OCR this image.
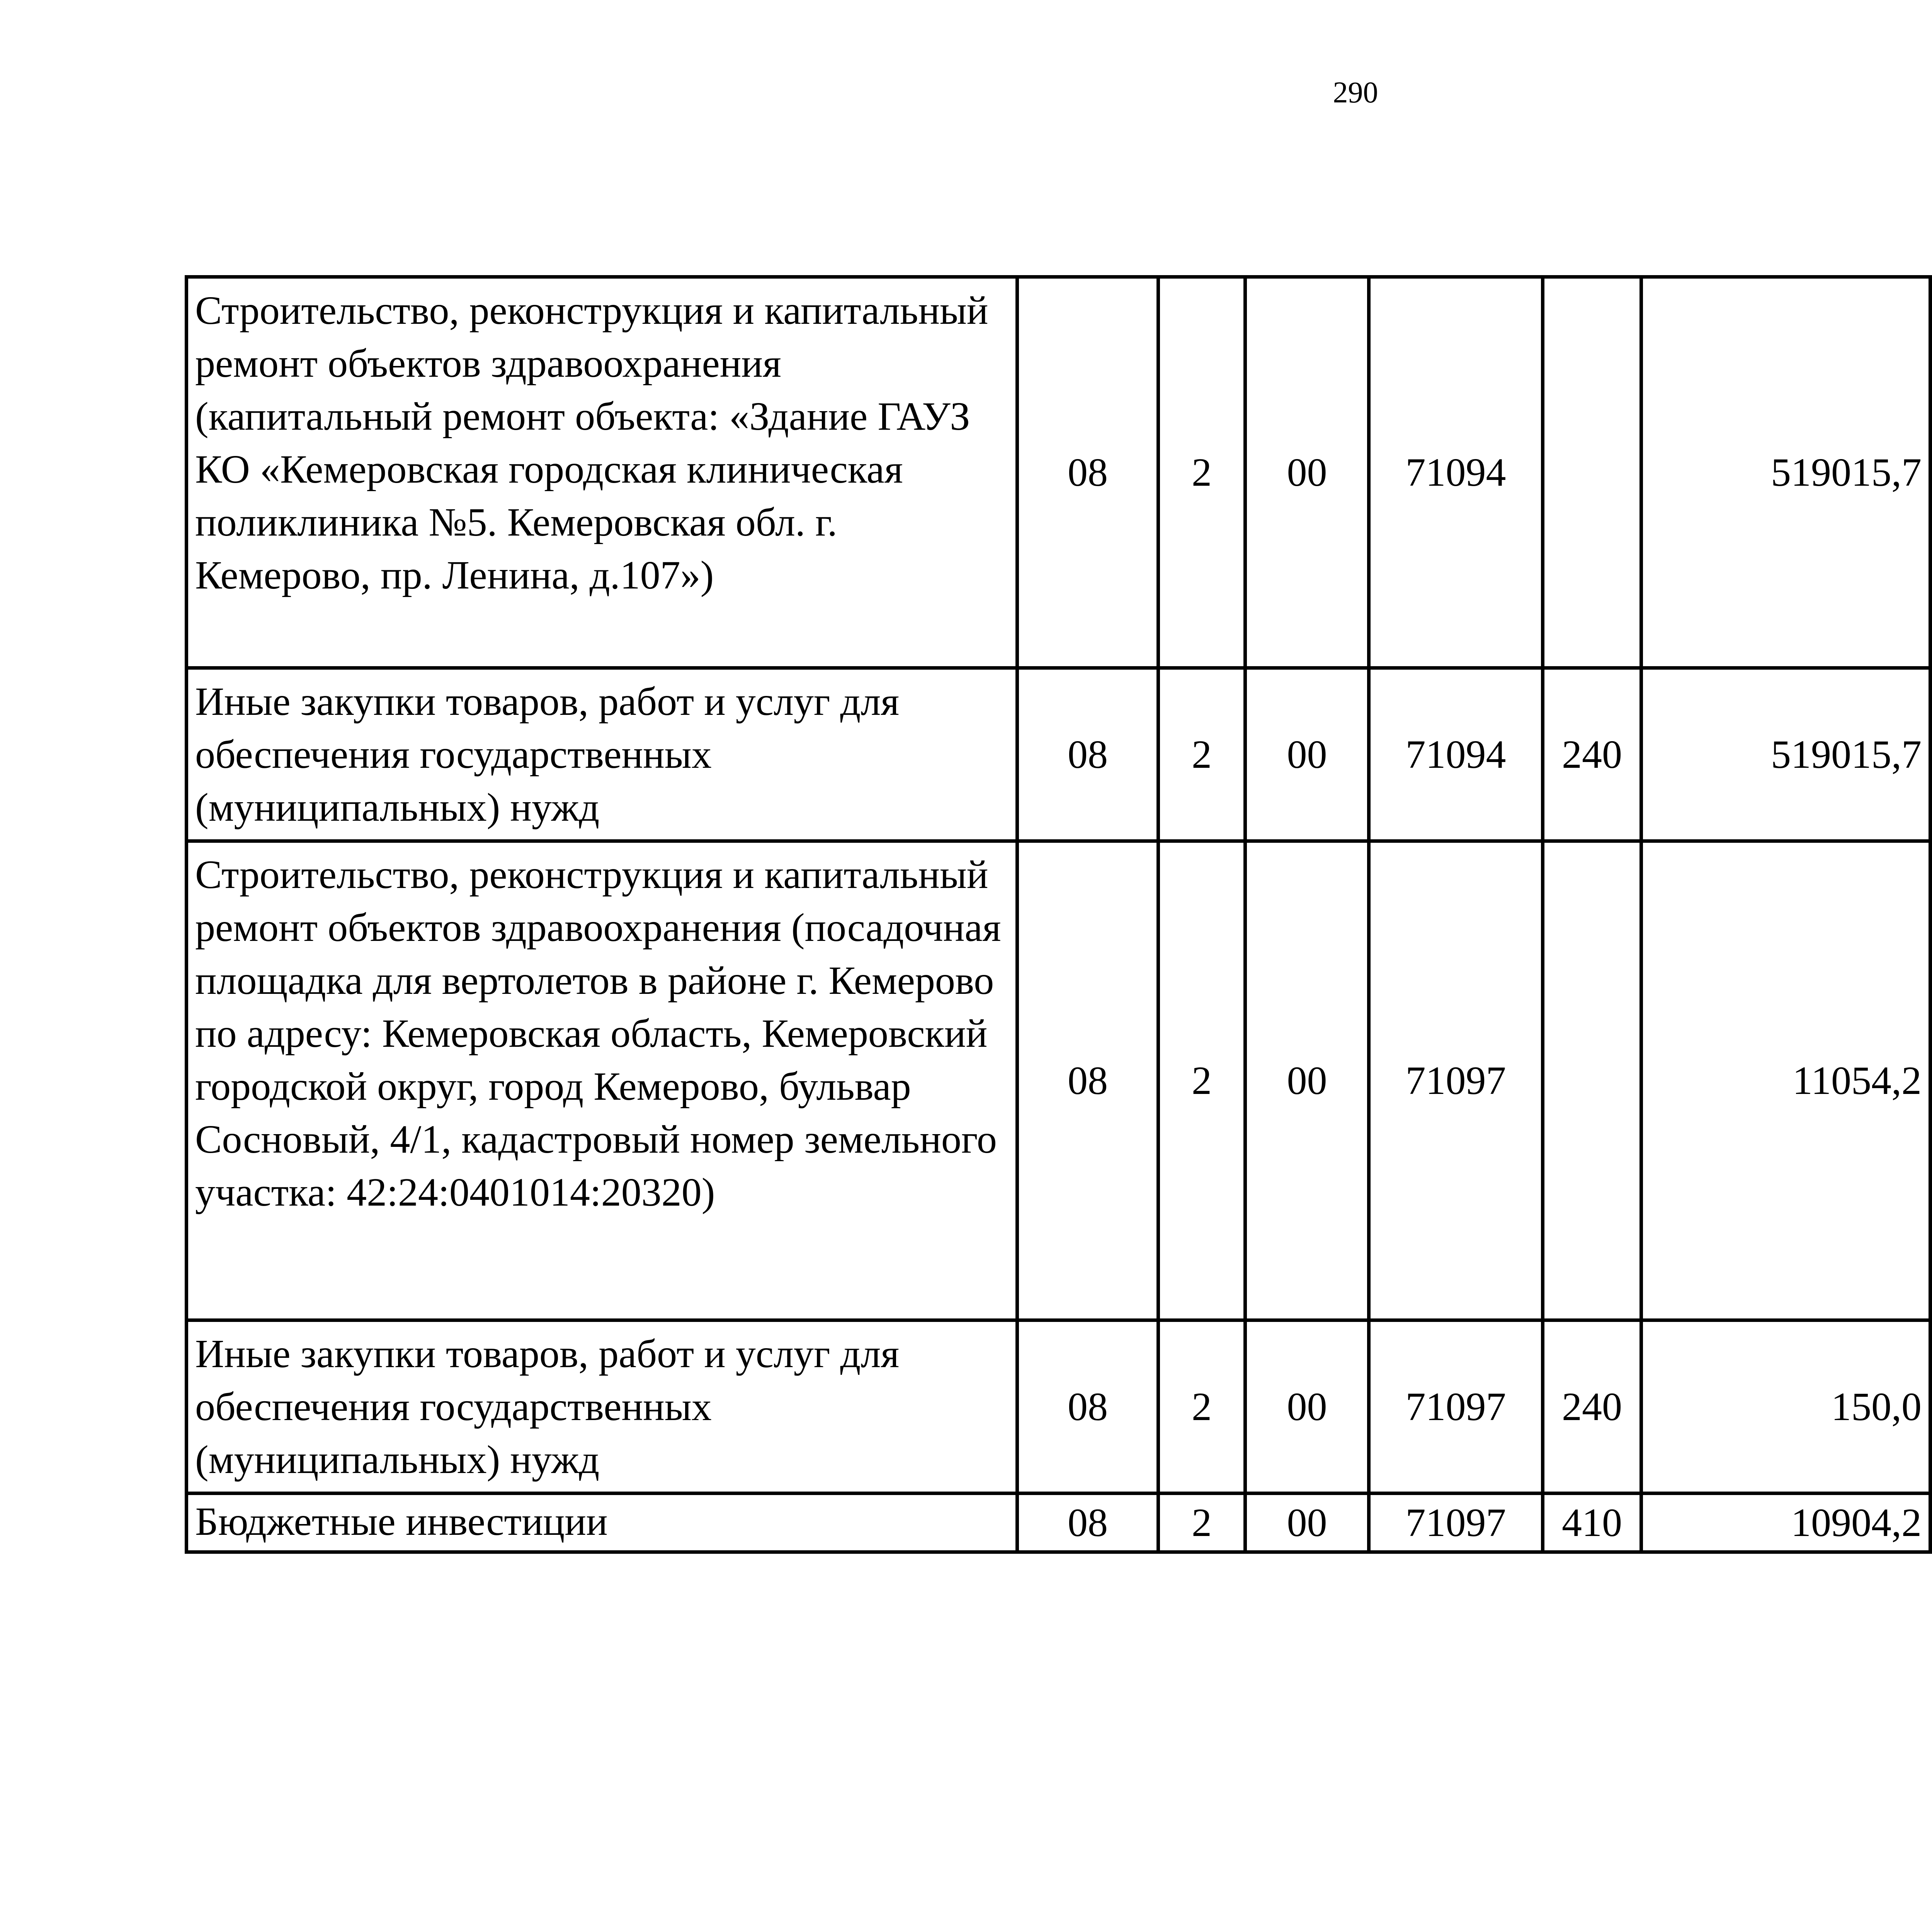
290
Строительство, реконструкция и капитальный ремонт объектов здравоохранения (капитальный ремонт объекта: «Здание ГАУЗ КО «Кемеровская городская клиническая поликлиника №5. Кемеровская обл. г. Кемерово, пр. Ленина, д.107»)	08	2	00	71094		519015,7		
Иные закупки товаров, работ и услуг для обеспечения государственных (муниципальных) нужд	08	2	00	71094	240	519015,7		
Строительство, реконструкция и капитальный ремонт объектов здравоохранения (посадочная площадка для вертолетов в районе г. Кемерово по адресу: Кемеровская область, Кемеровский городской округ, город Кемерово, бульвар Сосновый, 4/1, кадастровый номер земельного участка: 42:24:0401014:20320)	08	2	00	71097		11054,2		
Иные закупки товаров, работ и услуг для обеспечения государственных (муниципальных) нужд	08	2	00	71097	240	150,0		
Бюджетные инвестиции	08	2	00	71097	410	10904,2		
